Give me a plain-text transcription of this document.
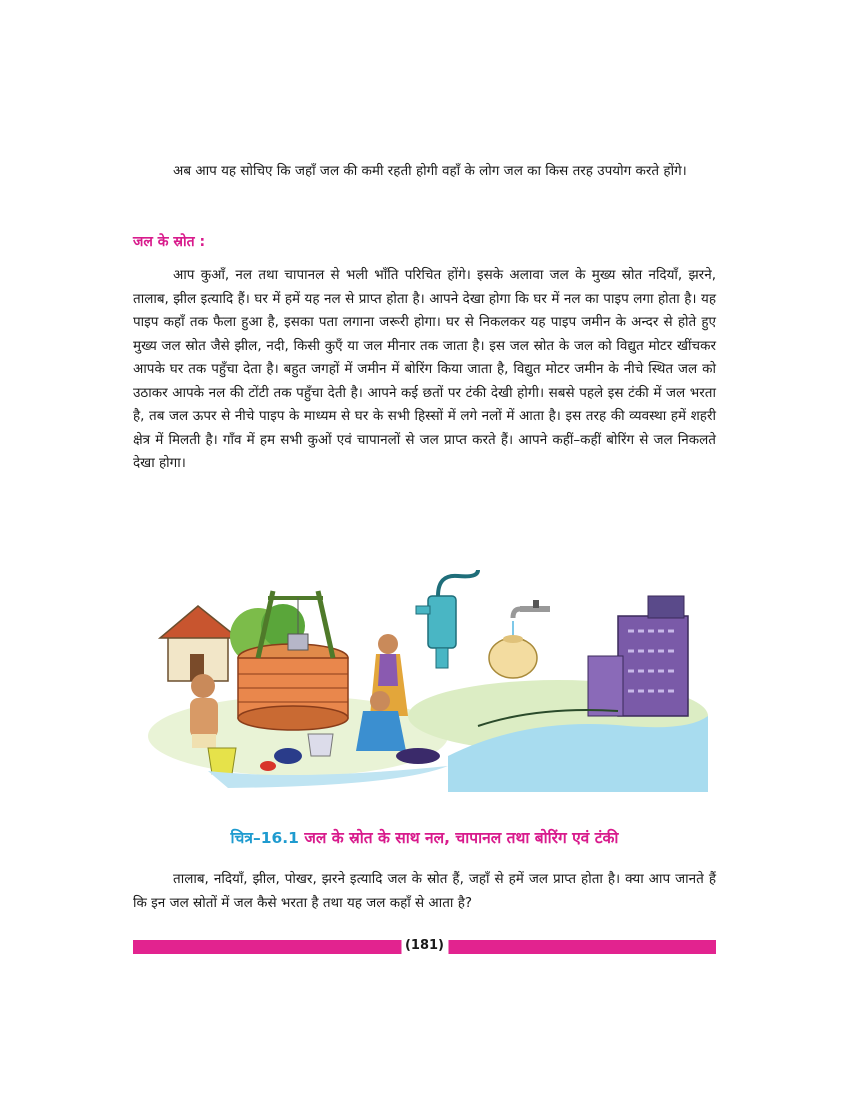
अब आप यह सोचिए कि जहाँ जल की कमी रहती होगी वहाँ के लोग जल का किस तरह उपयोग करते होंगे।

जल के स्रोत :

आप कुआँ, नल तथा चापानल से भली भाँति परिचित होंगे। इसके अलावा जल के मुख्य स्रोत नदियाँ, झरने, तालाब, झील इत्यादि हैं। घर में हमें यह नल से प्राप्त होता है। आपने देखा होगा कि घर में नल का पाइप लगा होता है। यह पाइप कहाँ तक फैला हुआ है, इसका पता लगाना जरूरी होगा। घर से निकलकर यह पाइप जमीन के अन्दर से होते हुए मुख्य जल स्रोत जैसे झील, नदी, किसी कुएँ या जल मीनार तक जाता है। इस जल स्रोत के जल को विद्युत मोटर खींचकर आपके घर तक पहुँचा देता है। बहुत जगहों में जमीन में बोरिंग किया जाता है, विद्युत मोटर जमीन के नीचे स्थित जल को उठाकर आपके नल की टोंटी तक पहुँचा देती है। आपने कई छतों पर टंकी देखी होगी। सबसे पहले इस टंकी में जल भरता है, तब जल ऊपर से नीचे पाइप के माध्यम से घर के सभी हिस्सों में लगे नलों में आता है। इस तरह की व्यवस्था हमें शहरी क्षेत्र में मिलती है। गाँव में हम सभी कुओं एवं चापानलों से जल प्राप्त करते हैं। आपने कहीं–कहीं बोरिंग से जल निकलते देखा होगा।

चित्र–16.1 जल के स्रोत के साथ नल, चापानल तथा बोरिंग एवं टंकी

तालाब, नदियाँ, झील, पोखर, झरने इत्यादि जल के स्रोत हैं, जहाँ से हमें जल प्राप्त होता है। क्या आप जानते हैं कि इन जल स्रोतों में जल कैसे भरता है तथा यह जल कहाँ से आता है?

(181)
